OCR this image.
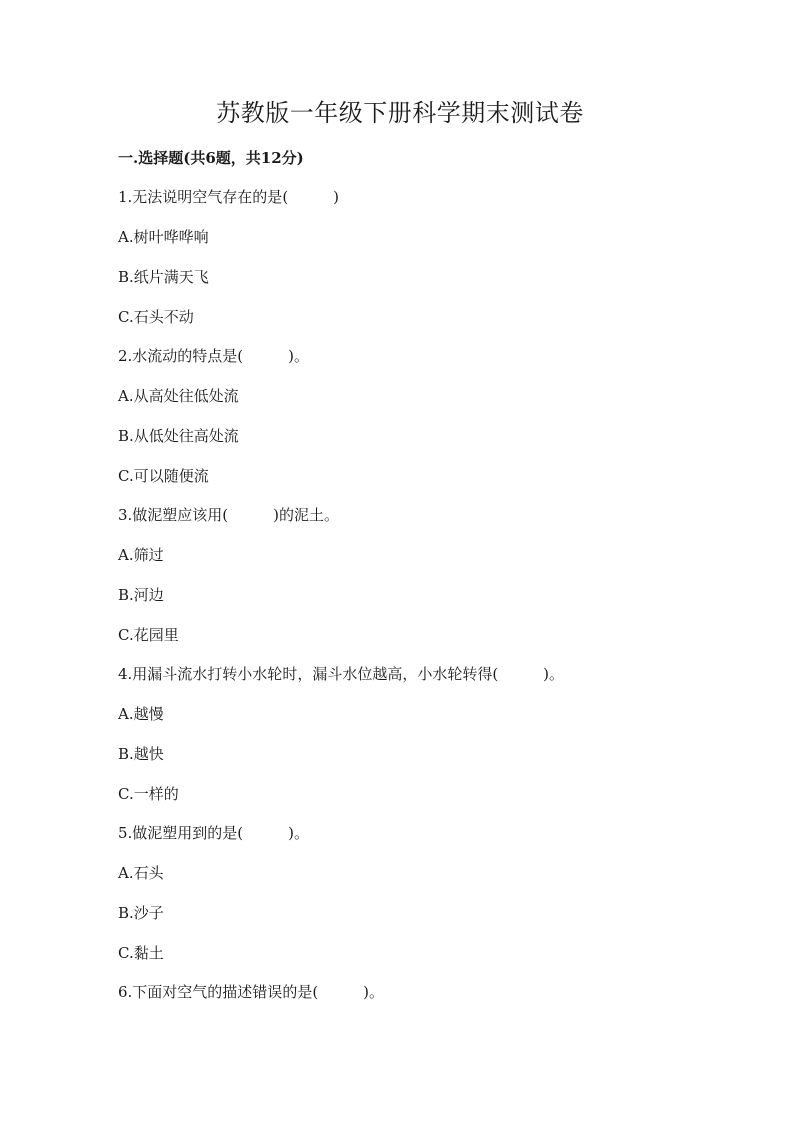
苏教版一年级下册科学期末测试卷
一.选择题(共6题，共12分)
1.无法说明空气存在的是(　　　)
A.树叶哗哗响
B.纸片满天飞
C.石头不动
2.水流动的特点是(　　　)。
A.从高处往低处流
B.从低处往高处流
C.可以随便流
3.做泥塑应该用(　　　)的泥土。
A.筛过
B.河边
C.花园里
4.用漏斗流水打转小水轮时，漏斗水位越高，小水轮转得(　　　)。
A.越慢
B.越快
C.一样的
5.做泥塑用到的是(　　　)。
A.石头
B.沙子
C.黏土
6.下面对空气的描述错误的是(　　　)。
